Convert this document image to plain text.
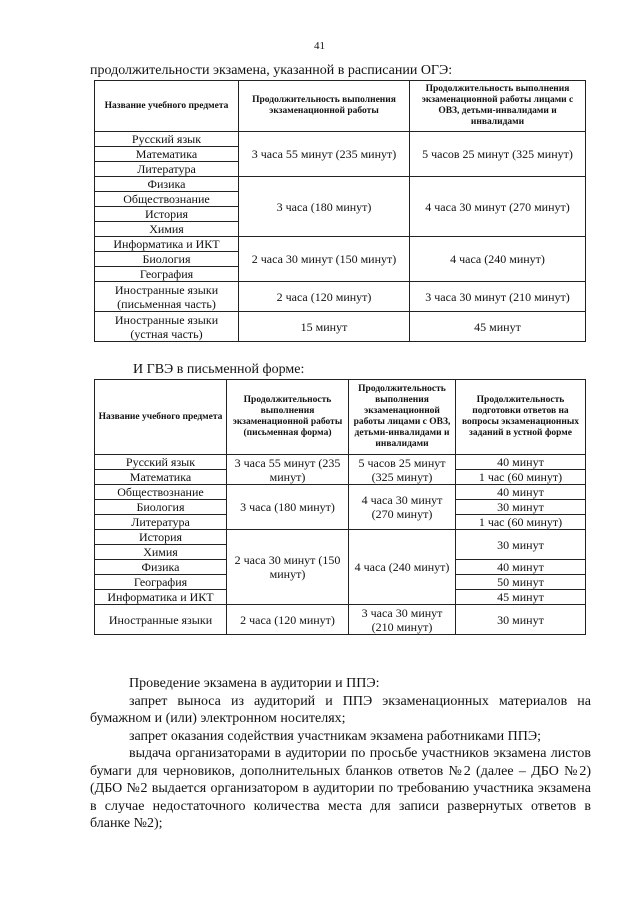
41
продолжительности экзамена, указанной в расписании ОГЭ:
Название учебного предмета	Продолжительность выполнения экзаменационной работы	Продолжительность выполнения экзаменационной работы лицами с ОВЗ, детьми-инвалидами и инвалидами
Русский язык	3 часа 55 минут (235 минут)	5 часов 25 минут (325 минут)
Математика		
Литература		
Физика	3 часа (180 минут)	4 часа 30 минут (270 минут)
Обществознание		
История		
Химия		
Информатика и ИКТ	2 часа 30 минут (150 минут)	4 часа (240 минут)
Биология		
География		
Иностранные языки (письменная часть)	2 часа (120 минут)	3 часа 30 минут (210 минут)
Иностранные языки (устная часть)	15 минут	45 минут
И ГВЭ в письменной форме:
Название учебного предмета	Продолжительность выполнения экзаменационной работы (письменная форма)	Продолжительность выполнения экзаменационной работы лицами с ОВЗ, детьми-инвалидами и инвалидами	Продолжительность подготовки ответов на вопросы экзаменационных заданий в устной форме
Русский язык	3 часа 55 минут (235 минут)	5 часов 25 минут (325 минут)	40 минут
Математика			1 час (60 минут)
Обществознание	3 часа (180 минут)	4 часа 30 минут (270 минут)	40 минут
Биология			30 минут
Литература			1 час (60 минут)
История	2 часа 30 минут (150 минут)	4 часа (240 минут)	30 минут
Химия			
Физика			40 минут
География			50 минут
Информатика и ИКТ			45 минут
Иностранные языки	2 часа (120 минут)	3 часа 30 минут (210 минут)	30 минут

Проведение экзамена в аудитории и ППЭ:

запрет выноса из аудиторий и ППЭ экзаменационных материалов на бумажном и (или) электронном носителях;

запрет оказания содействия участникам экзамена работниками ППЭ;

выдача организаторами в аудитории по просьбе участников экзамена листов бумаги для черновиков, дополнительных бланков ответов №2 (далее – ДБО №2) (ДБО №2 выдается организатором в аудитории по требованию участника экзамена в случае недостаточного количества места для записи развернутых ответов в бланке №2);
